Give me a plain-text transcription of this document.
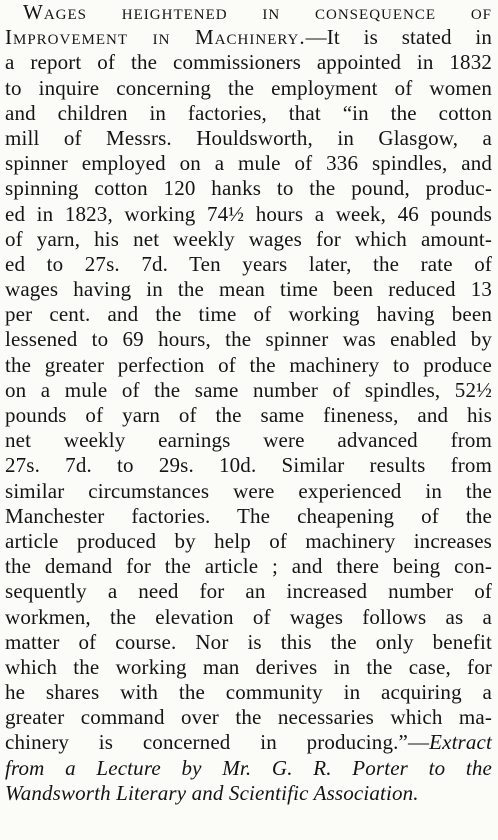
Wages heightened in consequence of
Improvement in Machinery.—It is stated in
a report of the commissioners appointed in 1832
to inquire concerning the employment of women
and children in factories, that “in the cotton
mill of Messrs. Houldsworth, in Glasgow, a
spinner employed on a mule of 336 spindles, and
spinning cotton 120 hanks to the pound, produc-
ed in 1823, working 74½ hours a week, 46 pounds
of yarn, his net weekly wages for which amount-
ed to 27s. 7d. Ten years later, the rate of
wages having in the mean time been reduced 13
per cent. and the time of working having been
lessened to 69 hours, the spinner was enabled by
the greater perfection of the machinery to produce
on a mule of the same number of spindles, 52½
pounds of yarn of the same fineness, and his
net weekly earnings were advanced from
27s. 7d. to 29s. 10d. Similar results from
similar circumstances were experienced in the
Manchester factories. The cheapening of the
article produced by help of machinery increases
the demand for the article ; and there being con-
sequently a need for an increased number of
workmen, the elevation of wages follows as a
matter of course. Nor is this the only benefit
which the working man derives in the case, for
he shares with the community in acquiring a
greater command over the necessaries which ma-
chinery is concerned in producing.”—Extract
from a Lecture by Mr. G. R. Porter to the
Wandsworth Literary and Scientific Association.
